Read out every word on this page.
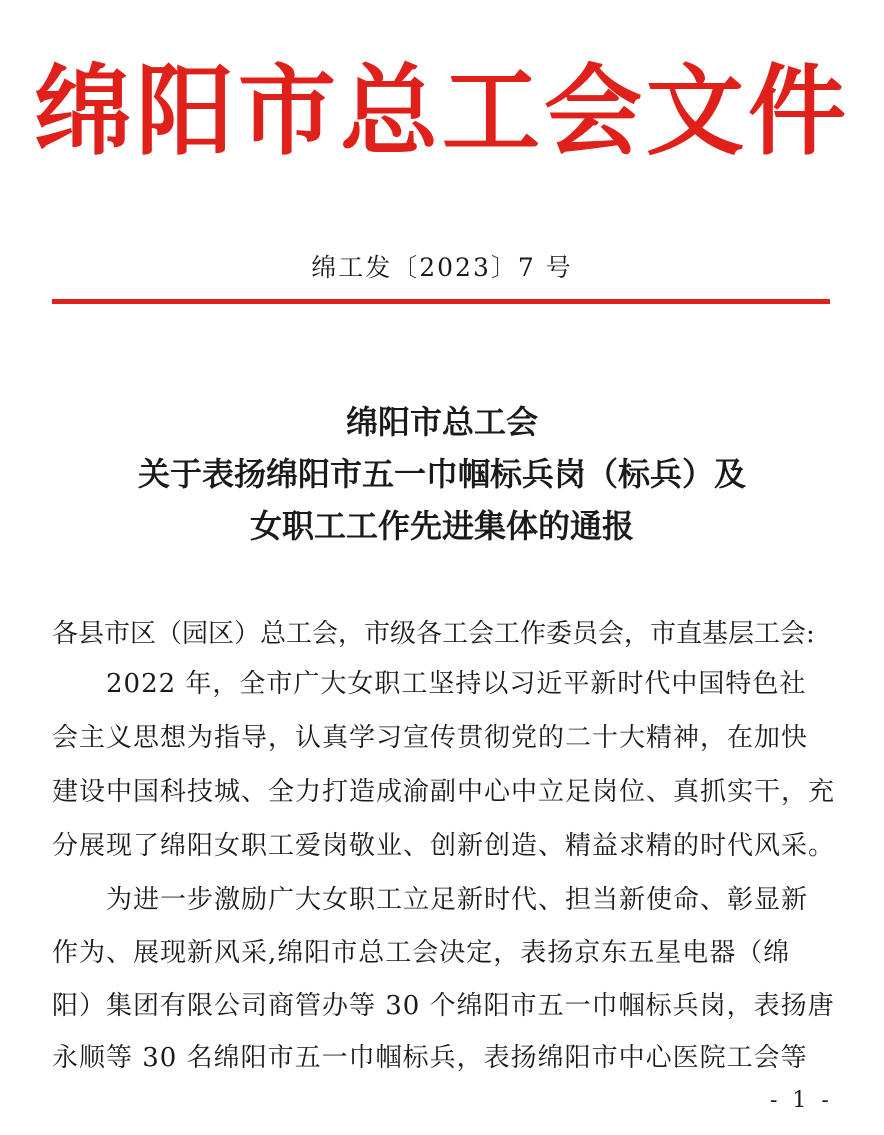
绵阳市总工会文件
绵工发〔2023〕7 号
绵阳市总工会
关于表扬绵阳市五一巾帼标兵岗（标兵）及
女职工工作先进集体的通报
各县市区（园区）总工会，市级各工会工作委员会，市直基层工会:
2022 年，全市广大女职工坚持以习近平新时代中国特色社
会主义思想为指导，认真学习宣传贯彻党的二十大精神，在加快
建设中国科技城、全力打造成渝副中心中立足岗位、真抓实干，充
分展现了绵阳女职工爱岗敬业、创新创造、精益求精的时代风采。
为进一步激励广大女职工立足新时代、担当新使命、彰显新
作为、展现新风采,绵阳市总工会决定，表扬京东五星电器（绵
阳）集团有限公司商管办等 30 个绵阳市五一巾帼标兵岗，表扬唐
永顺等 30 名绵阳市五一巾帼标兵，表扬绵阳市中心医院工会等
- 1 -
